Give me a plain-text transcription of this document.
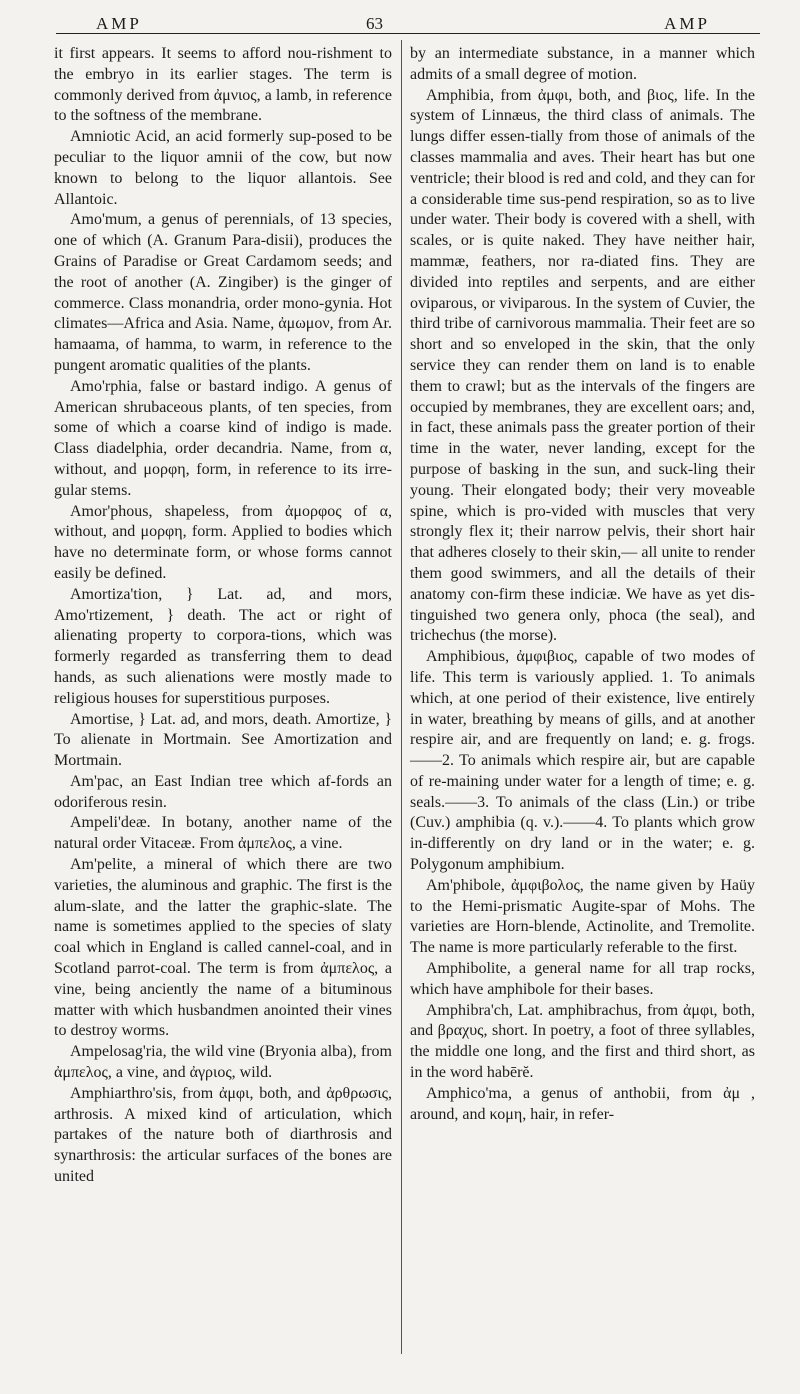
AMP	63	AMP

it first appears. It seems to afford nou-rishment to the embryo in its earlier stages. The term is commonly derived from ἀμνιος, a lamb, in reference to the softness of the membrane.

Amniotic Acid, an acid formerly sup-posed to be peculiar to the liquor amnii of the cow, but now known to belong to the liquor allantois. See Allantoic.

Amo'mum, a genus of perennials, of 13 species, one of which (A. Granum Para-disii), produces the Grains of Paradise or Great Cardamom seeds; and the root of another (A. Zingiber) is the ginger of commerce. Class monandria, order mono-gynia. Hot climates—Africa and Asia. Name, ἀμωμον, from Ar. hamaama, of hamma, to warm, in reference to the pungent aromatic qualities of the plants.

Amo'rphia, false or bastard indigo. A genus of American shrubaceous plants, of ten species, from some of which a coarse kind of indigo is made. Class diadelphia, order decandria. Name, from α, without, and μορφη, form, in reference to its irre-gular stems.

Amor'phous, shapeless, from ἀμορφος of α, without, and μορφη, form. Applied to bodies which have no determinate form, or whose forms cannot easily be defined.

Amortiza'tion, } Lat. ad, and mors, Amo'rtizement, } death. The act or right of alienating property to corpora-tions, which was formerly regarded as transferring them to dead hands, as such alienations were mostly made to religious houses for superstitious purposes.

Amortise, } Lat. ad, and mors, death. Amortize, } To alienate in Mortmain. See Amortization and Mortmain.

Am'pac, an East Indian tree which af-fords an odoriferous resin.

Ampeli'deæ. In botany, another name of the natural order Vitaceæ. From ἀμπελος, a vine.

Am'pelite, a mineral of which there are two varieties, the aluminous and graphic. The first is the alum-slate, and the latter the graphic-slate. The name is sometimes applied to the species of slaty coal which in England is called cannel-coal, and in Scotland parrot-coal. The term is from ἀμπελος, a vine, being anciently the name of a bituminous matter with which husbandmen anointed their vines to destroy worms.

Ampelosag'ria, the wild vine (Bryonia alba), from ἀμπελος, a vine, and ἀγριος, wild.

Amphiarthro'sis, from ἀμφι, both, and ἀρθρωσις, arthrosis. A mixed kind of articulation, which partakes of the nature both of diarthrosis and synarthrosis: the articular surfaces of the bones are united

by an intermediate substance, in a manner which admits of a small degree of motion.

Amphibia, from ἀμφι, both, and βιος, life. In the system of Linnæus, the third class of animals. The lungs differ essen-tially from those of animals of the classes mammalia and aves. Their heart has but one ventricle; their blood is red and cold, and they can for a considerable time sus-pend respiration, so as to live under water. Their body is covered with a shell, with scales, or is quite naked. They have neither hair, mammæ, feathers, nor ra-diated fins. They are divided into reptiles and serpents, and are either oviparous, or viviparous. In the system of Cuvier, the third tribe of carnivorous mammalia. Their feet are so short and so enveloped in the skin, that the only service they can render them on land is to enable them to crawl; but as the intervals of the fingers are occupied by membranes, they are excellent oars; and, in fact, these animals pass the greater portion of their time in the water, never landing, except for the purpose of basking in the sun, and suck-ling their young. Their elongated body; their very moveable spine, which is pro-vided with muscles that very strongly flex it; their narrow pelvis, their short hair that adheres closely to their skin,— all unite to render them good swimmers, and all the details of their anatomy con-firm these indiciæ. We have as yet dis-tinguished two genera only, phoca (the seal), and trichechus (the morse).

Amphibious, ἀμφιβιος, capable of two modes of life. This term is variously applied. 1. To animals which, at one period of their existence, live entirely in water, breathing by means of gills, and at another respire air, and are frequently on land; e. g. frogs.——2. To animals which respire air, but are capable of re-maining under water for a length of time; e. g. seals.——3. To animals of the class (Lin.) or tribe (Cuv.) amphibia (q. v.).——4. To plants which grow in-differently on dry land or in the water; e. g. Polygonum amphibium.

Am'phibole, ἀμφιβολος, the name given by Haüy to the Hemi-prismatic Augite-spar of Mohs. The varieties are Horn-blende, Actinolite, and Tremolite. The name is more particularly referable to the first.

Amphibolite, a general name for all trap rocks, which have amphibole for their bases.

Amphibra'ch, Lat. amphibrachus, from ἀμφι, both, and βραχυς, short. In poetry, a foot of three syllables, the middle one long, and the first and third short, as in the word habērĕ.

Amphico'ma, a genus of anthobii, from ἀμ , around, and κομη, hair, in refer-
